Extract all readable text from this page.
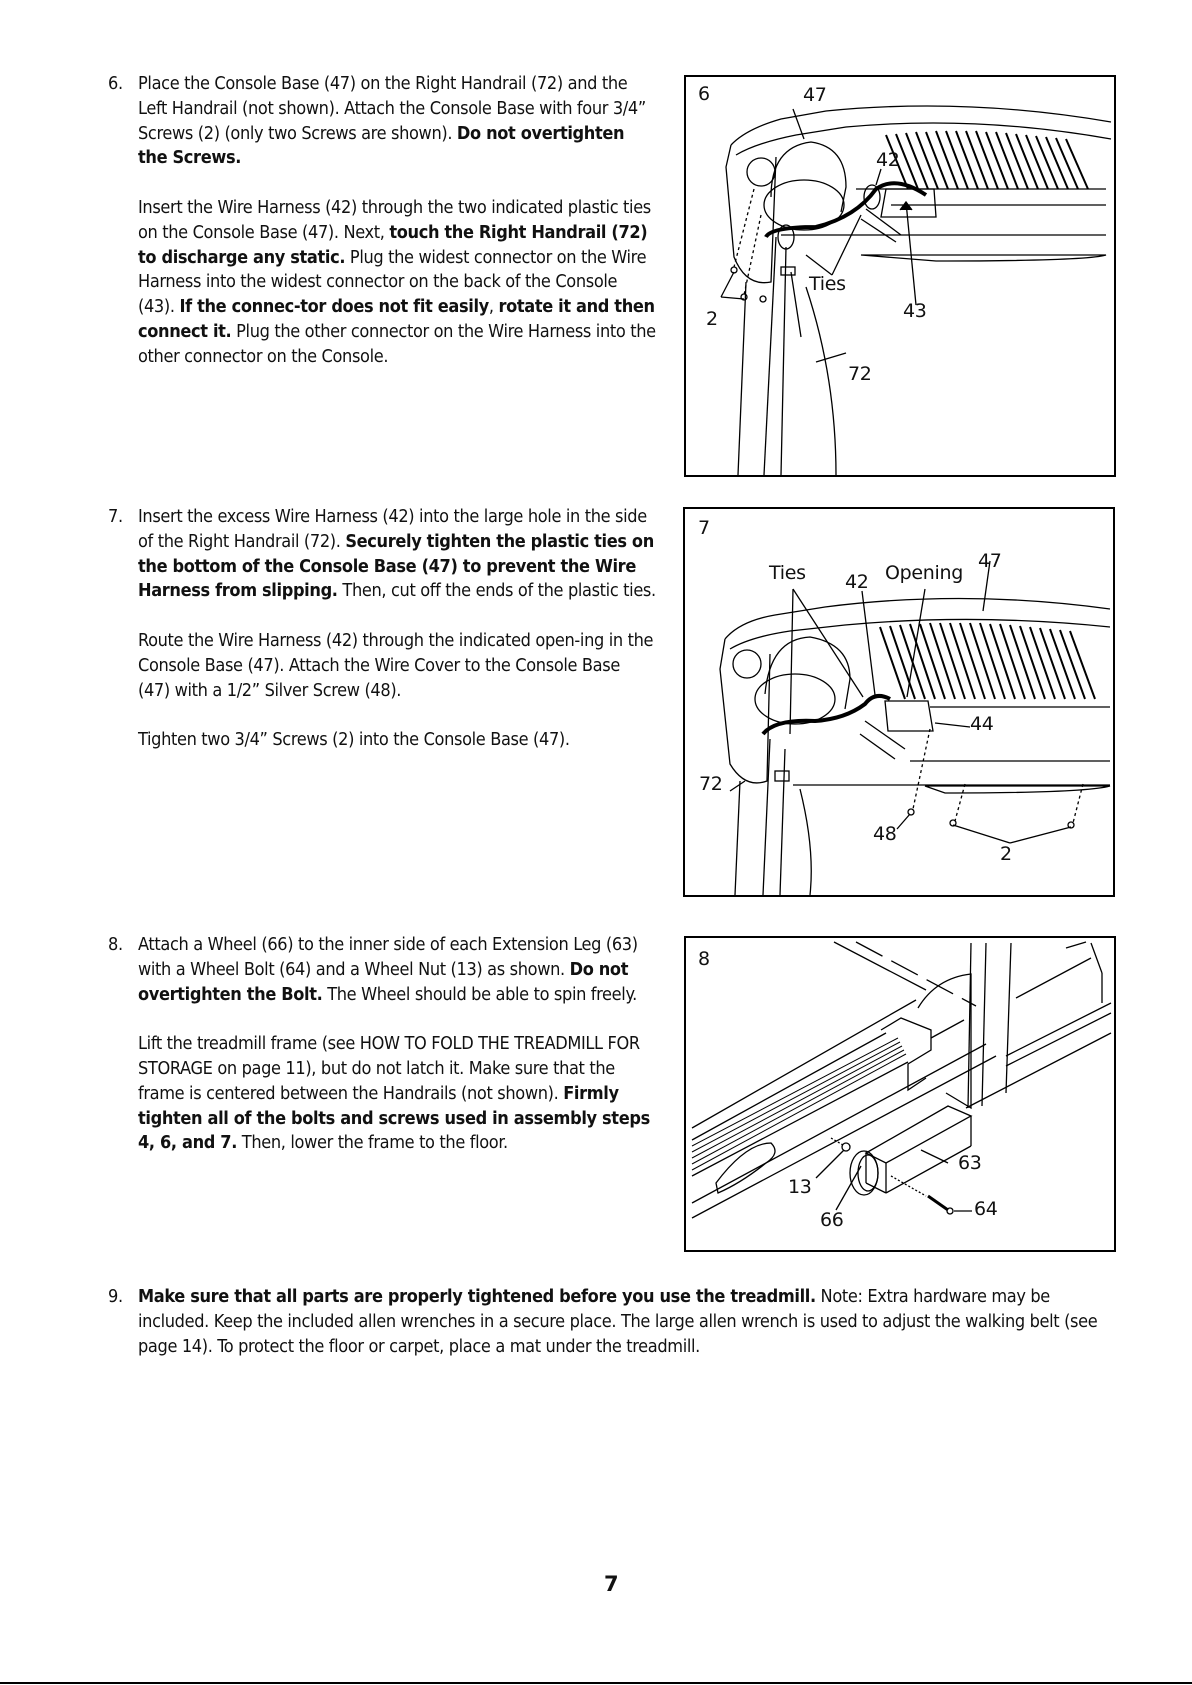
6. Place the Console Base (47) on the Right Handrail (72) and the Left Handrail (not shown). Attach the Console Base with four 3/4” Screws (2) (only two Screws are shown). Do not overtighten the Screws.

Insert the Wire Harness (42) through the two indicated plastic ties on the Console Base (47). Next, touch the Right Handrail (72) to discharge any static. Plug the widest connector on the Wire Harness into the widest connector on the back of the Console (43). If the connec-tor does not fit easily, rotate it and then connect it. Plug the other connector on the Wire Harness into the other connector on the Console.

7. Insert the excess Wire Harness (42) into the large hole in the side of the Right Handrail (72). Securely tighten the plastic ties on the bottom of the Console Base (47) to prevent the Wire Harness from slipping. Then, cut off the ends of the plastic ties.

Route the Wire Harness (42) through the indicated open-ing in the Console Base (47). Attach the Wire Cover to the Console Base (47) with a 1/2” Silver Screw (48).

Tighten two 3/4” Screws (2) into the Console Base (47).

8. Attach a Wheel (66) to the inner side of each Extension Leg (63) with a Wheel Bolt (64) and a Wheel Nut (13) as shown. Do not overtighten the Bolt. The Wheel should be able to spin freely.

Lift the treadmill frame (see HOW TO FOLD THE TREADMILL FOR STORAGE on page 11), but do not latch it. Make sure that the frame is centered between the Handrails (not shown). Firmly tighten all of the bolts and screws used in assembly steps 4, 6, and 7. Then, lower the frame to the floor.

9. Make sure that all parts are properly tightened before you use the treadmill. Note: Extra hardware may be included. Keep the included allen wrenches in a secure place. The large allen wrench is used to adjust the walking belt (see page 14). To protect the floor or carpet, place a mat under the treadmill.

6	47
42
Ties
43
2
72
7
Ties 42 Opening
47
44
72
48
2
8
63
13
64
66
7
